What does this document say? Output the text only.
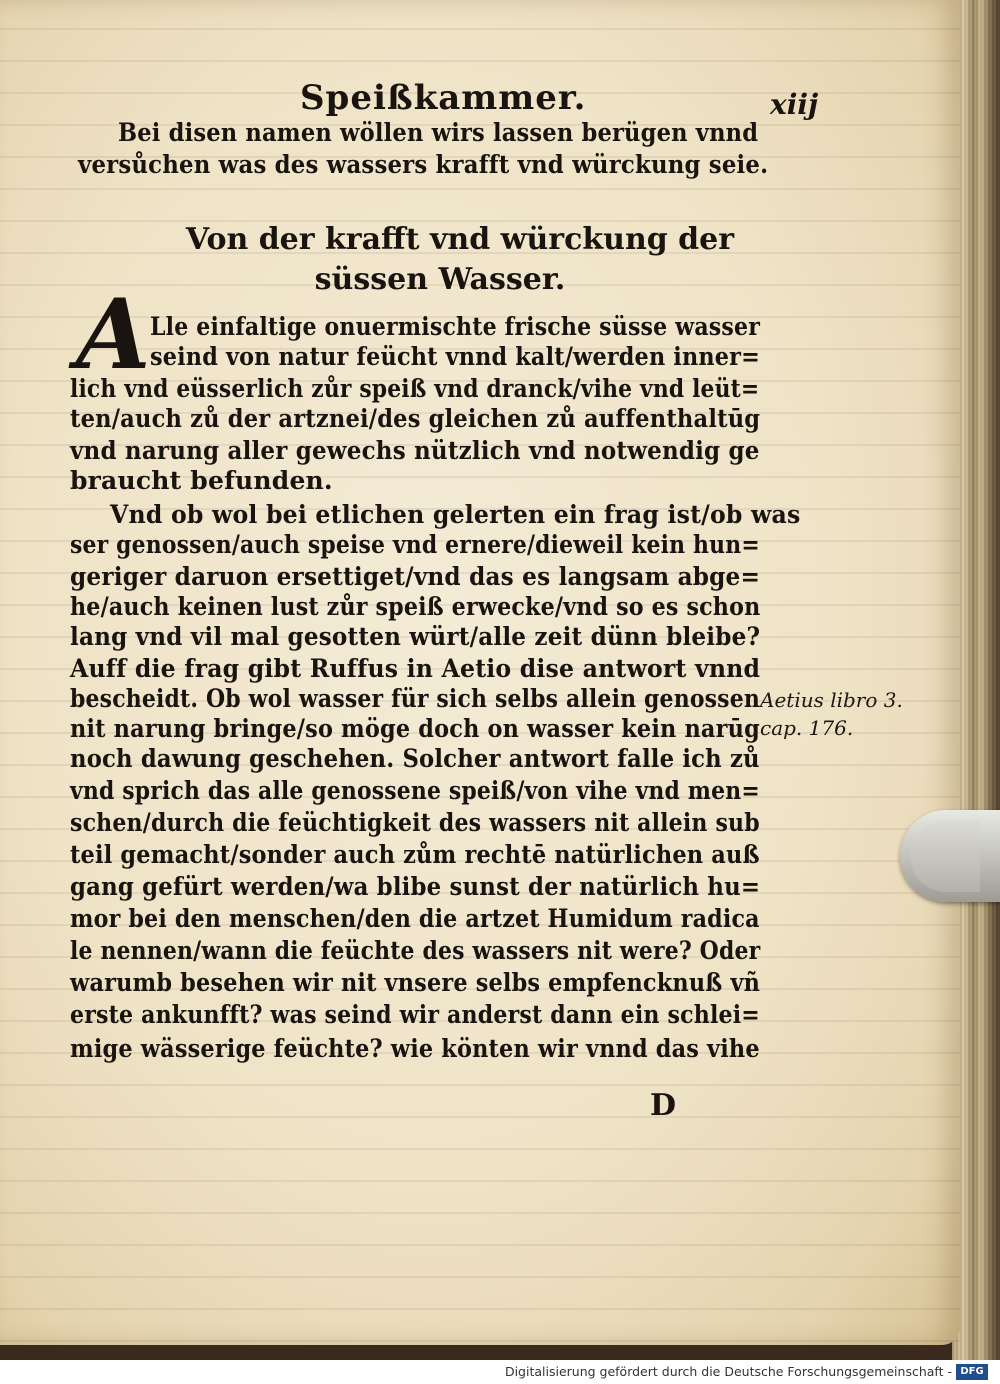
Speißkammer.	xiij
Bei disen namen wöllen wirs lassen berügen vnnd
versůchen was des wassers krafft vnd würckung seie.
Von der krafft vnd würckung der
süssen Wasser.
A Lle einfaltige onuermischte frische süsse wasser
seind von natur feücht vnnd kalt/werden inner=
lich vnd eüsserlich zůr speiß vnd dranck/vihe vnd leüt=
ten/auch zů der artznei/des gleichen zů auffenthaltūg
vnd narung aller gewechs nützlich vnd notwendig ge
braucht befunden.
Vnd ob wol bei etlichen gelerten ein frag ist/ob was
ser genossen/auch speise vnd ernere/dieweil kein hun=
geriger daruon ersettiget/vnd das es langsam abge=
he/auch keinen lust zůr speiß erwecke/vnd so es schon
lang vnd vil mal gesotten würt/alle zeit dünn bleibe?
Auff die frag gibt Ruffus in Aetio dise antwort vnnd
bescheidt. Ob wol wasser für sich selbs allein genossen
nit narung bringe/so möge doch on wasser kein narūg
noch dawung geschehen. Solcher antwort falle ich zů
vnd sprich das alle genossene speiß/von vihe vnd men=
schen/durch die feüchtigkeit des wassers nit allein sub
teil gemacht/sonder auch zům rechtē natürlichen auß
gang gefürt werden/wa blibe sunst der natürlich hu=
mor bei den menschen/den die artzet Humidum radica
le nennen/wann die feüchte des wassers nit were? Oder
warumb besehen wir nit vnsere selbs empfencknuß vñ
erste ankunfft? was seind wir anderst dann ein schlei=
mige wässerige feüchte? wie könten wir vnnd das vihe
Aetius libro 3.
cap. 176.
D
Digitalisierung gefördert durch die Deutsche Forschungsgemeinschaft - DFG
